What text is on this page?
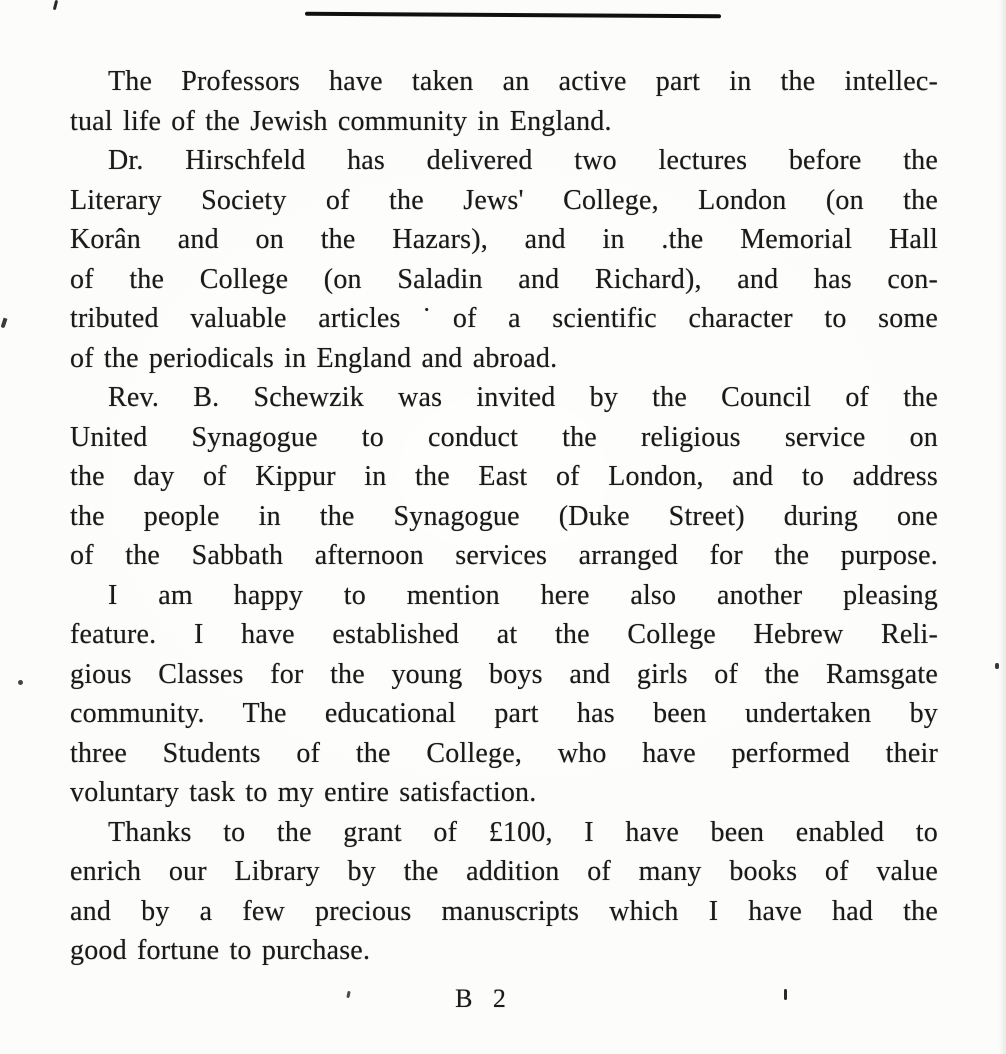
The Professors have taken an active part in the intellec-
tual life of the Jewish community in England.

Dr. Hirschfeld has delivered two lectures before the
Literary Society of the Jews' College, London (on the
Korân and on the Hazars), and in .the Memorial Hall
of the College (on Saladin and Richard), and has con-
tributed valuable articles˙of a scientific character to some
of the periodicals in England and abroad.

Rev. B. Schewzik was invited by the Council of the
United Synagogue to conduct the religious service on
the day of Kippur in the East of London, and to address
the people in the Synagogue (Duke Street) during one
of the Sabbath afternoon services arranged for the purpose.

I am happy to mention here also another pleasing
feature. I have established at the College Hebrew Reli-
gious Classes for the young boys and girls of the Ramsgate
community. The educational part has been undertaken by
three Students of the College, who have performed their
voluntary task to my entire satisfaction.

Thanks to the grant of £100, I have been enabled to
enrich our Library by the addition of many books of value
and by a few precious manuscripts which I have had the
good fortune to purchase.

B 2
